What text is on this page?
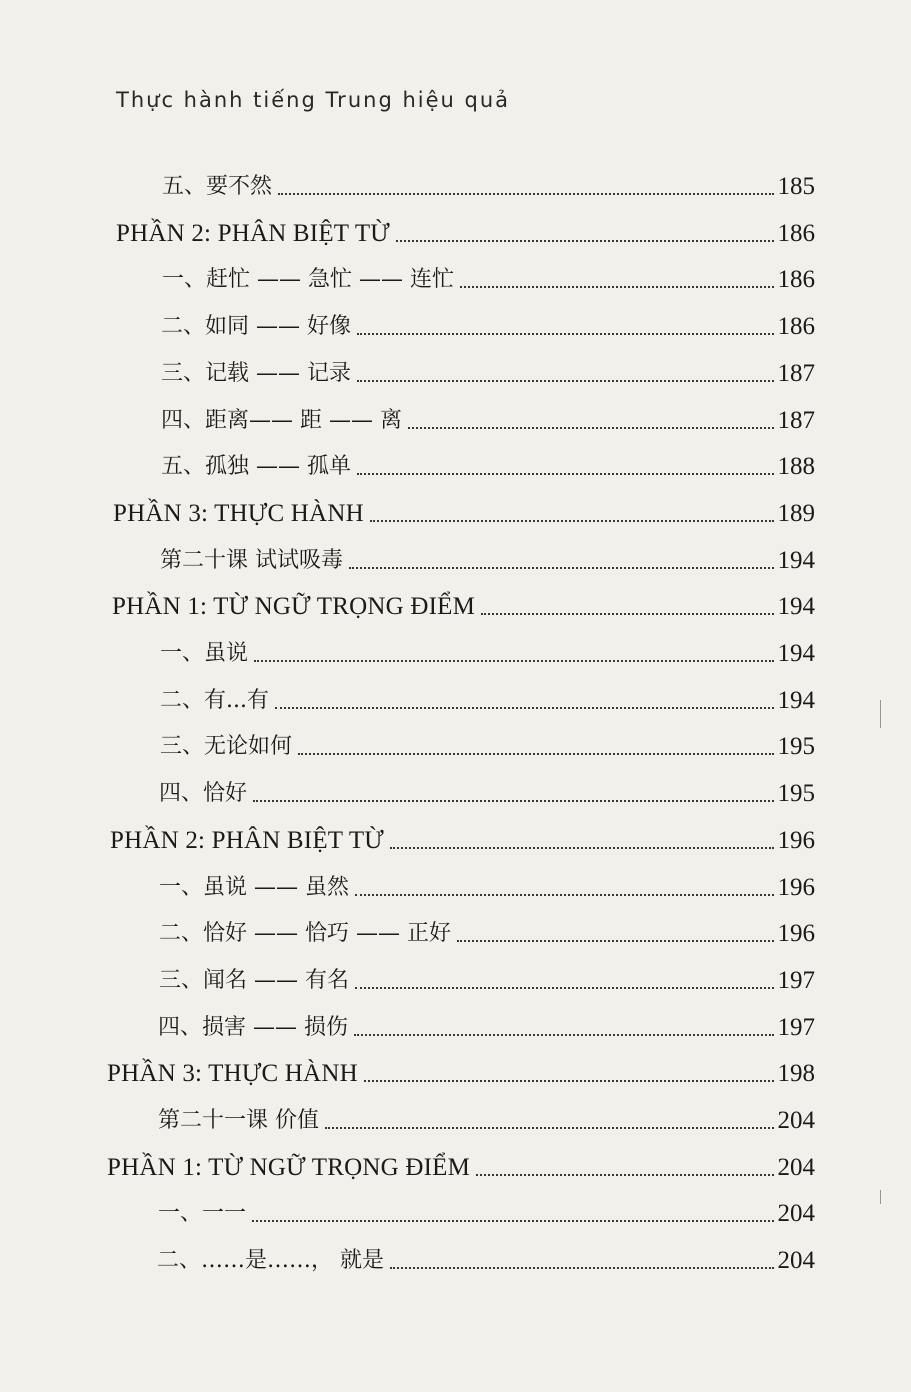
Thực hành tiếng Trung hiệu quả
五、要不然	185
PHẦN 2: PHÂN BIỆT TỪ	186
一、赶忙 —— 急忙 —— 连忙	186
二、如同 —— 好像	186
三、记载 —— 记录	187
四、距离—— 距 —— 离	187
五、孤独 —— 孤单	188
PHẦN 3: THỰC HÀNH	189
第二十课 试试吸毒	194
PHẦN 1: TỪ NGỮ TRỌNG ĐIỂM	194
一、虽说	194
二、有...有	194
三、无论如何	195
四、恰好	195
PHẦN 2: PHÂN BIỆT TỪ	196
一、虽说 —— 虽然	196
二、恰好 —— 恰巧 —— 正好	196
三、闻名 —— 有名	197
四、损害 —— 损伤	197
PHẦN 3: THỰC HÀNH	198
第二十一课 价值	204
PHẦN 1: TỪ NGỮ TRỌNG ĐIỂM	204
一、一一	204
二、……是……， 就是	204
